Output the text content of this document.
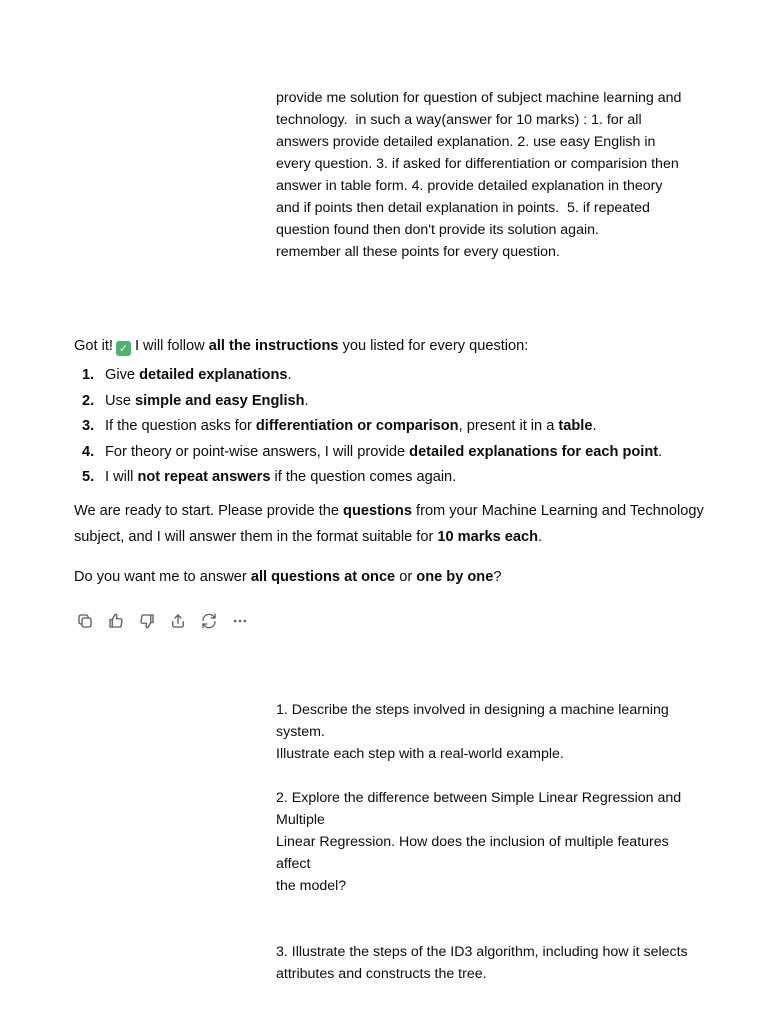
provide me solution for question of subject machine learning and technology.  in such a way(answer for 10 marks) : 1. for all answers provide detailed explanation. 2. use easy English in every question. 3. if asked for differentiation or comparision then answer in table form. 4. provide detailed explanation in theory and if points then detail explanation in points.  5. if repeated question found then don't provide its solution again.        remember all these points for every question.

Got it! ✓ I will follow all the instructions you listed for every question:

1. Give detailed explanations.
2. Use simple and easy English.
3. If the question asks for differentiation or comparison, present it in a table.
4. For theory or point-wise answers, I will provide detailed explanations for each point.
5. I will not repeat answers if the question comes again.

We are ready to start. Please provide the questions from your Machine Learning and Technology subject, and I will answer them in the format suitable for 10 marks each.

Do you want me to answer all questions at once or one by one?

1. Describe the steps involved in designing a machine learning system.
Illustrate each step with a real-world example.

2. Explore the difference between Simple Linear Regression and Multiple
Linear Regression. How does the inclusion of multiple features affect
the model?

3. Illustrate the steps of the ID3 algorithm, including how it selects
attributes and constructs the tree.
